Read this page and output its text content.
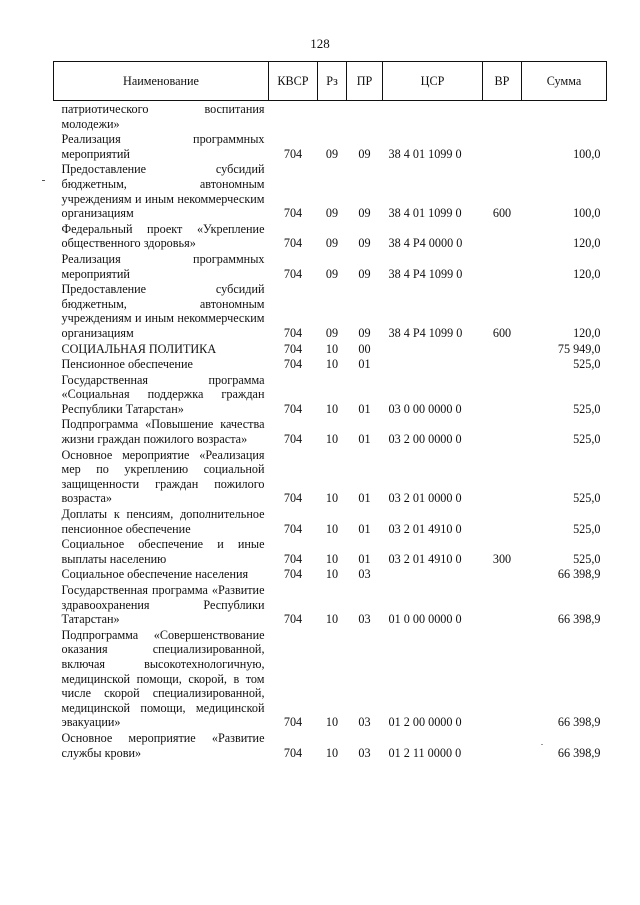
128
Наименование	КВСР	Рз	ПР	ЦСР	ВР	Сумма
патриотического воспитания молодежи»						
Реализация программных мероприятий	704	09	09	38 4 01 1099 0		100,0
Предоставление субсидий бюджетным, автономным учреждениям и иным некоммерческим организациям	704	09	09	38 4 01 1099 0	600	100,0
Федеральный проект «Укрепление общественного здоровья»	704	09	09	38 4 P4 0000 0		120,0
Реализация программных мероприятий	704	09	09	38 4 P4 1099 0		120,0
Предоставление субсидий бюджетным, автономным учреждениям и иным некоммерческим организациям	704	09	09	38 4 P4 1099 0	600	120,0
СОЦИАЛЬНАЯ ПОЛИТИКА	704	10	00			75 949,0
Пенсионное обеспечение	704	10	01			525,0
Государственная программа «Социальная поддержка граждан Республики Татарстан»	704	10	01	03 0 00 0000 0		525,0
Подпрограмма «Повышение качества жизни граждан пожилого возраста»	704	10	01	03 2 00 0000 0		525,0
Основное мероприятие «Реализация мер по укреплению социальной защищенности граждан пожилого возраста»	704	10	01	03 2 01 0000 0		525,0
Доплаты к пенсиям, дополнительное пенсионное обеспечение	704	10	01	03 2 01 4910 0		525,0
Социальное обеспечение и иные выплаты населению	704	10	01	03 2 01 4910 0	300	525,0
Социальное обеспечение населения	704	10	03			66 398,9
Государственная программа «Развитие здравоохранения Республики Татарстан»	704	10	03	01 0 00 0000 0		66 398,9
Подпрограмма «Совершенствование оказания специализированной, включая высокотехнологичную, медицинской помощи, скорой, в том числе скорой специализированной, медицинской помощи, медицинской эвакуации»	704	10	03	01 2 00 0000 0		66 398,9
Основное мероприятие «Развитие службы крови»	704	10	03	01 2 11 0000 0		66 398,9
